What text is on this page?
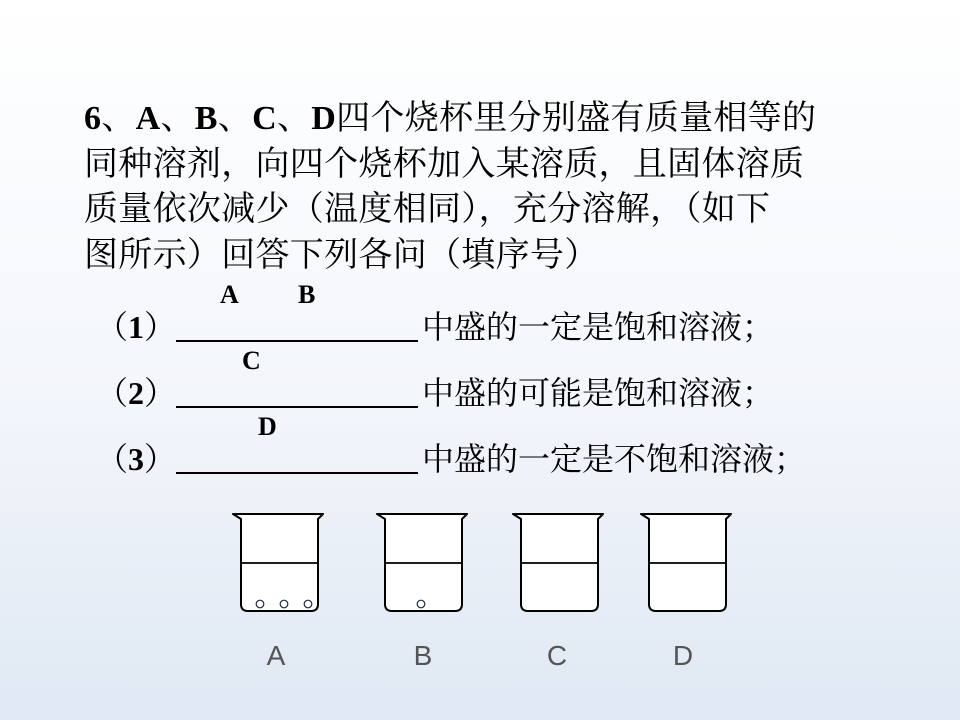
6、A、B、C、D四个烧杯里分别盛有质量相等的
同种溶剂，向四个烧杯加入某溶质，且固体溶质
质量依次减少（温度相同），充分溶解，（如下
图所示）回答下列各问（填序号）
（1）
A B
中盛的一定是饱和溶液；
（2）
C
中盛的可能是饱和溶液；
（3）
D
中盛的一定是不饱和溶液；
A	B	C	D
